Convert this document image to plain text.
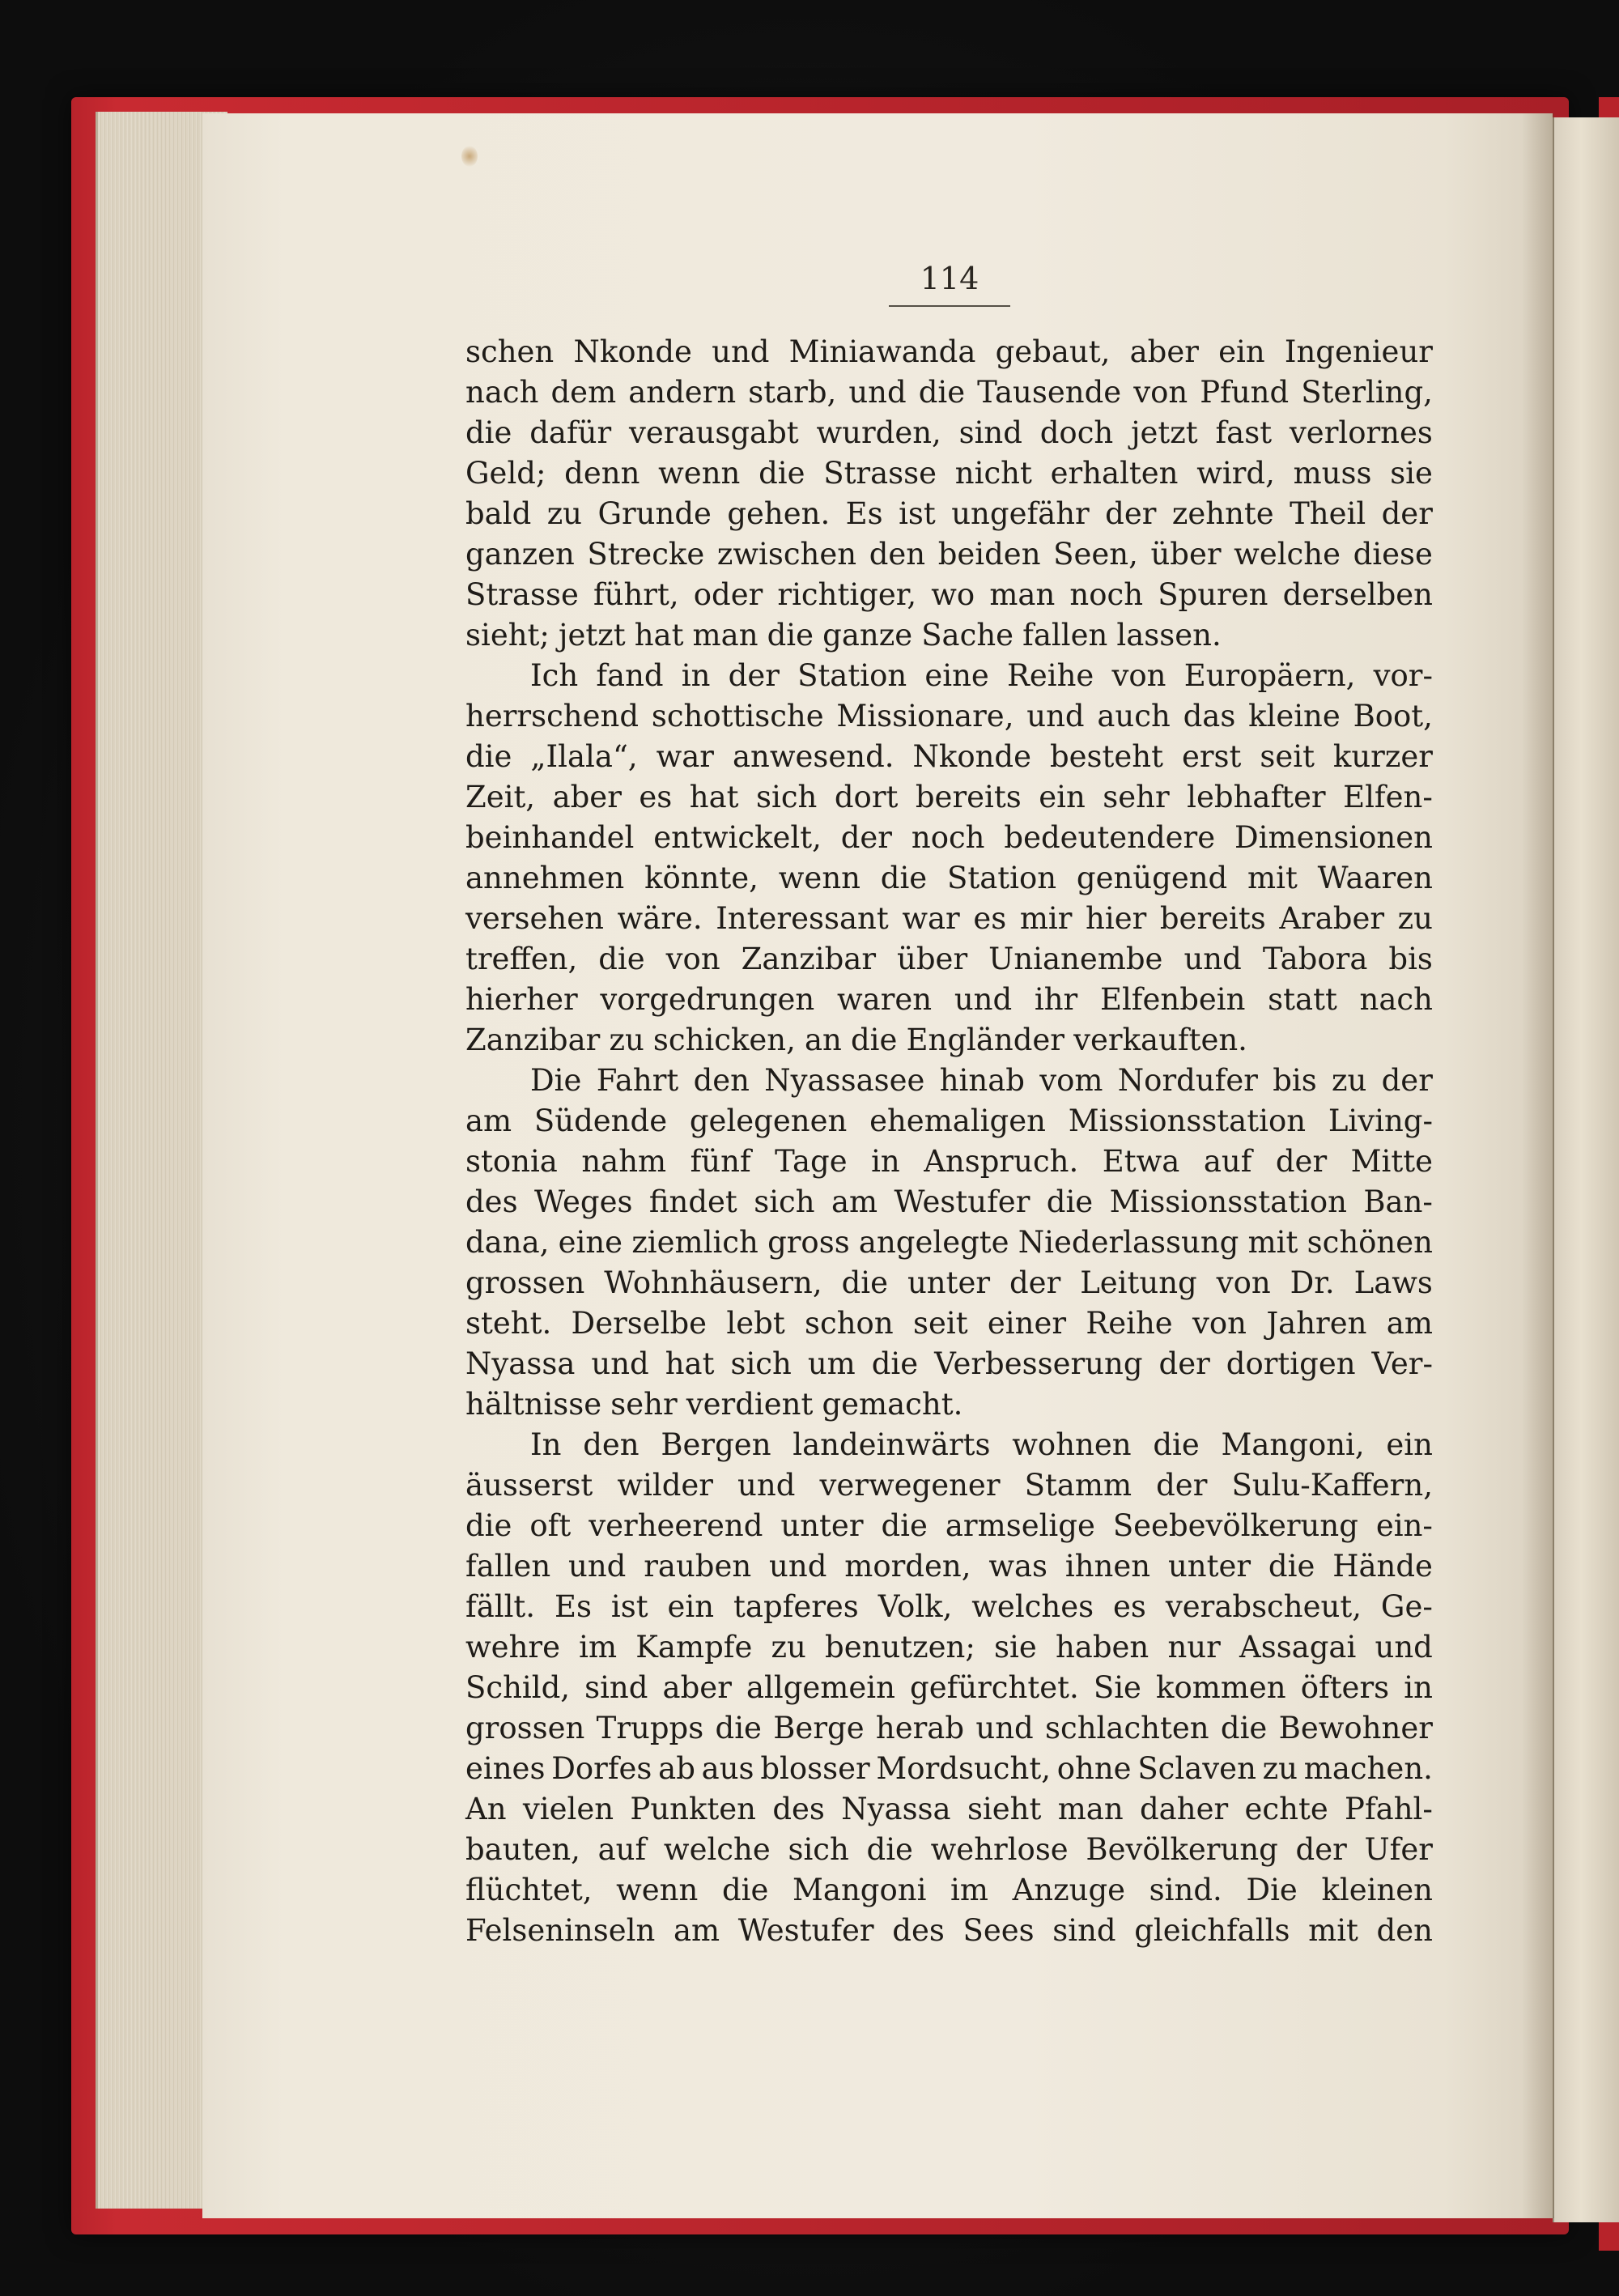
114
schen Nkonde und Miniawanda gebaut, aber ein Ingenieur
nach dem andern starb, und die Tausende von Pfund Sterling,
die dafür verausgabt wurden, sind doch jetzt fast verlornes
Geld; denn wenn die Strasse nicht erhalten wird, muss sie
bald zu Grunde gehen. Es ist ungefähr der zehnte Theil der
ganzen Strecke zwischen den beiden Seen, über welche diese
Strasse führt, oder richtiger, wo man noch Spuren derselben
sieht; jetzt hat man die ganze Sache fallen lassen.
Ich fand in der Station eine Reihe von Europäern, vor-
herrschend schottische Missionare, und auch das kleine Boot,
die „Ilala“, war anwesend. Nkonde besteht erst seit kurzer
Zeit, aber es hat sich dort bereits ein sehr lebhafter Elfen-
beinhandel entwickelt, der noch bedeutendere Dimensionen
annehmen könnte, wenn die Station genügend mit Waaren
versehen wäre. Interessant war es mir hier bereits Araber zu
treffen, die von Zanzibar über Unianembe und Tabora bis
hierher vorgedrungen waren und ihr Elfenbein statt nach
Zanzibar zu schicken, an die Engländer verkauften.
Die Fahrt den Nyassasee hinab vom Nordufer bis zu der
am Südende gelegenen ehemaligen Missionsstation Living-
stonia nahm fünf Tage in Anspruch. Etwa auf der Mitte
des Weges findet sich am Westufer die Missionsstation Ban-
dana, eine ziemlich gross angelegte Niederlassung mit schönen
grossen Wohnhäusern, die unter der Leitung von Dr. Laws
steht. Derselbe lebt schon seit einer Reihe von Jahren am
Nyassa und hat sich um die Verbesserung der dortigen Ver-
hältnisse sehr verdient gemacht.
In den Bergen landeinwärts wohnen die Mangoni, ein
äusserst wilder und verwegener Stamm der Sulu-Kaffern,
die oft verheerend unter die armselige Seebevölkerung ein-
fallen und rauben und morden, was ihnen unter die Hände
fällt. Es ist ein tapferes Volk, welches es verabscheut, Ge-
wehre im Kampfe zu benutzen; sie haben nur Assagai und
Schild, sind aber allgemein gefürchtet. Sie kommen öfters in
grossen Trupps die Berge herab und schlachten die Bewohner
eines Dorfes ab aus blosser Mordsucht, ohne Sclaven zu machen.
An vielen Punkten des Nyassa sieht man daher echte Pfahl-
bauten, auf welche sich die wehrlose Bevölkerung der Ufer
flüchtet, wenn die Mangoni im Anzuge sind. Die kleinen
Felseninseln am Westufer des Sees sind gleichfalls mit den
